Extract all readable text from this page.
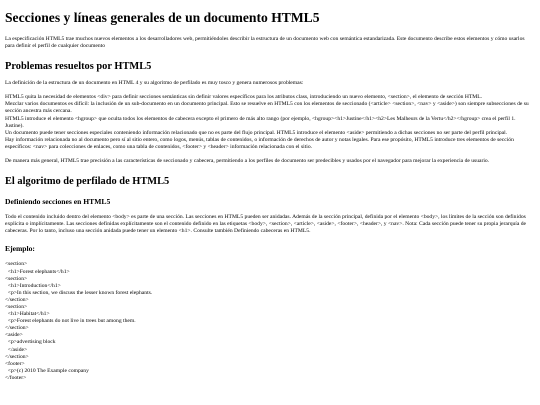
Secciones y líneas generales de un documento HTML5

La especificación HTML5 trae muchos nuevos elementos a los desarrolladores web, permitiéndoles describir la estructura de un documento web con semántica estandarizada. Este documento describe estos elementos y cómo usarlos para definir el perfil de cualquier documento

Problemas resueltos por HTML5

La definición de la estructura de un documento en HTML 4 y su algoritmo de perfilado es muy tosco y genera numerosos problemas:

HTML5 quita la necesidad de elementos <div> para definir secciones semánticas sin definir valores específicos para los atributos class, introduciendo un nuevo elemento, <section>, el elemento de sección HTML.

Mezclar varios documentos es difícil: la inclusión de un sub-documento en un documento principal. Esto se resuelve en HTML5 con los elementos de seccionado (<article> <section>, <nav> y <aside>) son siempre subsecciones de su sección ancestra más cercana.

HTML5 introduce el elemento <hgroup> que oculta todos los elementos de cabecera excepto el primero de más alto rango (por ejemplo, <hgroup><h1>Justine</h1><h2>Les Malheurs de la Vertu</h2></hgroup> crea el perfil 1. Justine).

Un documento puede tener secciones especiales conteniendo información relacionado que no es parte del flujo principal. HTML5 introduce el elemento <aside> permitiendo a dichas secciones no ser parte del perfil principal.

Hay información relacionada no al documento pero sí al sitio entero, como logos, menús, tablas de contenidos, o información de derechos de autor y notas legales. Para ese propósito, HTML5 introduce tres elementos de sección específicos: <nav> para colecciones de enlaces, como una tabla de contenidos, <footer> y <header> información relacionada con el sitio.

De manera más general, HTML5 trae precisión a las características de seccionado y cabecera, permitiendo a los perfiles de documento ser predecibles y usados por el navegador para mejorar la experiencia de usuario.

El algoritmo de perfilado de HTML5
Definiendo secciones en HTML5

Todo el contenido incluido dentro del elemento <body> es parte de una sección. Las secciones en HTML5 pueden ser anidadas. Además de la sección principal, definida por el elemento <body>, los límites de la sección son definidos explícita o implícitamente. Las secciones definidas explícitamente son el contenido definido en las etiquetas <body>, <section>, <article>, <aside>, <footer>, <header>, y <nav>. Nota: Cada sección puede tener su propia jerarquía de cabeceras. Por lo tanto, incluso una sección anidada puede tener un elemento <h1>. Consulte también Definiendo cabeceras en HTML5.

Ejemplo:
<section>
<h1>Forest elephants</h1>
<section>
<h1>Introduction</h1>
<p>In this section, we discuss the lesser known forest elephants.
</section>
<section>
<h1>Habitat</h1>
<p>Forest elephants do not live in trees but among them.
</section>
<aside>
<p>advertising block
</aside>
</section>
<footer>
<p>(c) 2010 The Example company
</footer>
